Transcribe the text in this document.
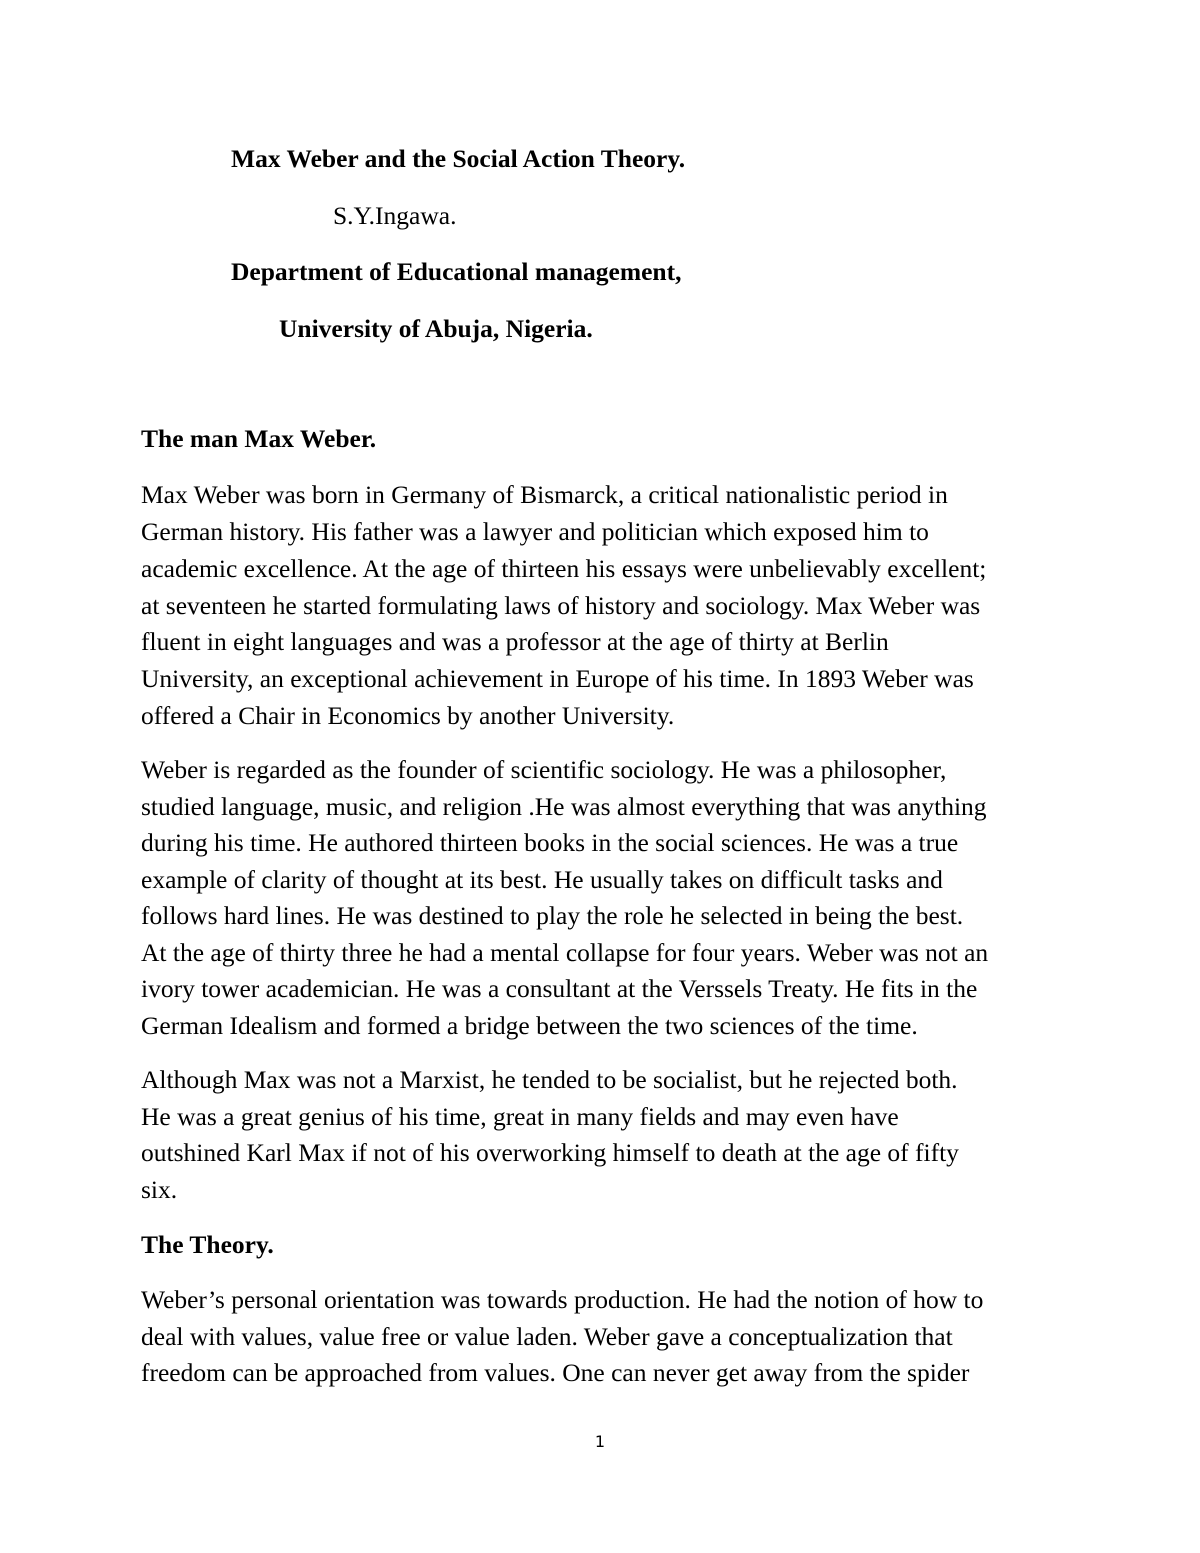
Max Weber and the Social Action Theory.
S.Y.Ingawa.
Department of Educational management,
University of Abuja, Nigeria.
The man Max Weber.
Max Weber was born in Germany of Bismarck, a critical nationalistic period in
German history. His father was a lawyer and politician which exposed him to
academic excellence. At the age of thirteen his essays were unbelievably excellent;
at seventeen he started formulating laws of history and sociology. Max Weber was
fluent in eight languages and was a professor at the age of thirty at Berlin
University, an exceptional achievement in Europe of his time. In 1893 Weber was
offered a Chair in Economics by another University.
Weber is regarded as the founder of scientific sociology. He was a philosopher,
studied language, music, and religion .He was almost everything that was anything
during his time. He authored thirteen books in the social sciences. He was a true
example of clarity of thought at its best. He usually takes on difficult tasks and
follows hard lines. He was destined to play the role he selected in being the best.
At the age of thirty three he had a mental collapse for four years. Weber was not an
ivory tower academician. He was a consultant at the Verssels Treaty. He fits in the
German Idealism and formed a bridge between the two sciences of the time.
Although Max was not a Marxist, he tended to be socialist, but he rejected both.
He was a great genius of his time, great in many fields and may even have
outshined Karl Max if not of his overworking himself to death at the age of fifty
six.
The Theory.
Weber’s personal orientation was towards production. He had the notion of how to
deal with values, value free or value laden. Weber gave a conceptualization that
freedom can be approached from values. One can never get away from the spider
1
